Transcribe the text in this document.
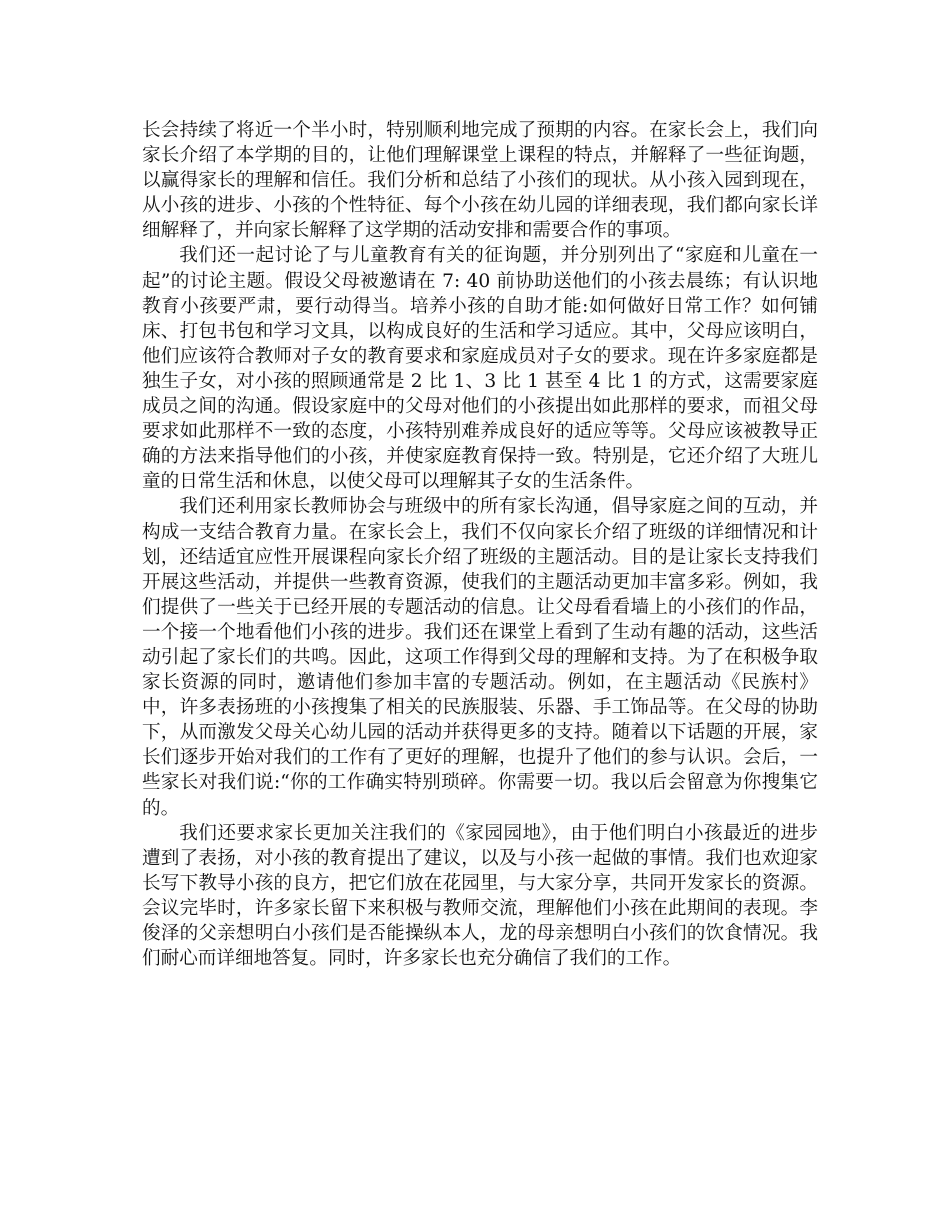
长会持续了将近一个半小时，特别顺利地完成了预期的内容。在家长会上，我们向家长介绍了本学期的目的，让他们理解课堂上课程的特点，并解释了一些征询题，以赢得家长的理解和信任。我们分析和总结了小孩们的现状。从小孩入园到现在，从小孩的进步、小孩的个性特征、每个小孩在幼儿园的详细表现，我们都向家长详细解释了，并向家长解释了这学期的活动安排和需要合作的事项。

我们还一起讨论了与儿童教育有关的征询题，并分别列出了“家庭和儿童在一起”的讨论主题。假设父母被邀请在 7: 40 前协助送他们的小孩去晨练；有认识地教育小孩要严肃，要行动得当。培养小孩的自助才能:如何做好日常工作？如何铺床、打包书包和学习文具，以构成良好的生活和学习适应。其中，父母应该明白，他们应该符合教师对子女的教育要求和家庭成员对子女的要求。现在许多家庭都是独生子女，对小孩的照顾通常是 2 比 1、3 比 1 甚至 4 比 1 的方式，这需要家庭成员之间的沟通。假设家庭中的父母对他们的小孩提出如此那样的要求，而祖父母要求如此那样不一致的态度，小孩特别难养成良好的适应等等。父母应该被教导正确的方法来指导他们的小孩，并使家庭教育保持一致。特别是，它还介绍了大班儿童的日常生活和休息，以使父母可以理解其子女的生活条件。

我们还利用家长教师协会与班级中的所有家长沟通，倡导家庭之间的互动，并构成一支结合教育力量。在家长会上，我们不仅向家长介绍了班级的详细情况和计划，还结适宜应性开展课程向家长介绍了班级的主题活动。目的是让家长支持我们开展这些活动，并提供一些教育资源，使我们的主题活动更加丰富多彩。例如，我们提供了一些关于已经开展的专题活动的信息。让父母看看墙上的小孩们的作品，一个接一个地看他们小孩的进步。我们还在课堂上看到了生动有趣的活动，这些活动引起了家长们的共鸣。因此，这项工作得到父母的理解和支持。为了在积极争取家长资源的同时，邀请他们参加丰富的专题活动。例如，在主题活动《民族村》中，许多表扬班的小孩搜集了相关的民族服装、乐器、手工饰品等。在父母的协助下，从而激发父母关心幼儿园的活动并获得更多的支持。随着以下话题的开展，家长们逐步开始对我们的工作有了更好的理解，也提升了他们的参与认识。会后，一些家长对我们说:“你的工作确实特别琐碎。你需要一切。我以后会留意为你搜集它的。

我们还要求家长更加关注我们的《家园园地》，由于他们明白小孩最近的进步遭到了表扬，对小孩的教育提出了建议，以及与小孩一起做的事情。我们也欢迎家长写下教导小孩的良方，把它们放在花园里，与大家分享，共同开发家长的资源。会议完毕时，许多家长留下来积极与教师交流，理解他们小孩在此期间的表现。李俊泽的父亲想明白小孩们是否能操纵本人，龙的母亲想明白小孩们的饮食情况。我们耐心而详细地答复。同时，许多家长也充分确信了我们的工作。
